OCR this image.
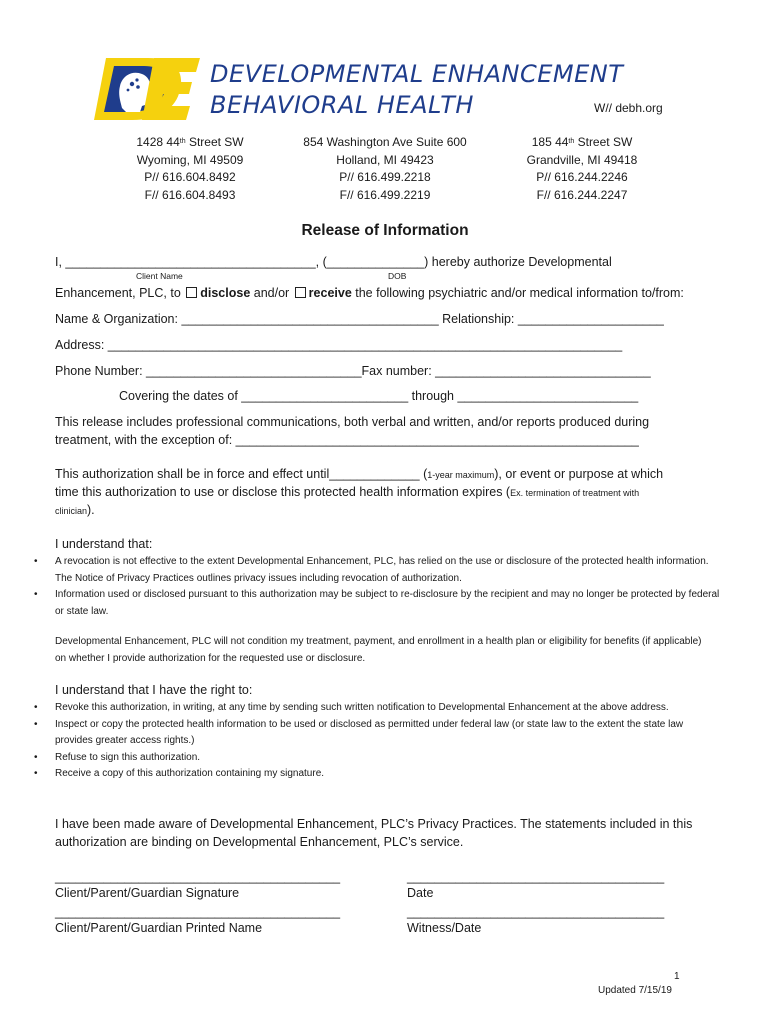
DEVELOPMENTAL ENHANCEMENT
BEHAVIORAL HEALTH	W// debh.org
1428 44th Street SW
Wyoming, MI 49509
P// 616.604.8492
F// 616.604.8493
854 Washington Ave Suite 600
Holland, MI 49423
P// 616.499.2218
F// 616.499.2219
185 44th Street SW
Grandville, MI 49418
P// 616.244.2246
F// 616.244.2247
Release of Information
I, ____________________________________, (______________) hereby authorize Developmental
Client Name	DOB
Enhancement, PLC, to disclose and/or receive the following psychiatric and/or medical information to/from:
Name & Organization: _____________________________________ Relationship: _____________________
Address: __________________________________________________________________________
Phone Number: _______________________________Fax number: _______________________________
Covering the dates of ________________________ through __________________________
This release includes professional communications, both verbal and written, and/or reports produced during
treatment, with the exception of: __________________________________________________________
This authorization shall be in force and effect until_____________ (1-year maximum), or event or purpose at which
time this authorization to use or disclose this protected health information expires (Ex. termination of treatment with
clinician).
I understand that:
• A revocation is not effective to the extent Developmental Enhancement, PLC, has relied on the use or disclosure of the protected health information. The Notice of Privacy Practices outlines privacy issues including revocation of authorization.
• Information used or disclosed pursuant to this authorization may be subject to re-disclosure by the recipient and may no longer be protected by federal or state law.
Developmental Enhancement, PLC will not condition my treatment, payment, and enrollment in a health plan or eligibility for benefits (if applicable) on whether I provide authorization for the requested use or disclosure.
I understand that I have the right to:
• Revoke this authorization, in writing, at any time by sending such written notification to Developmental Enhancement at the above address.
• Inspect or copy the protected health information to be used or disclosed as permitted under federal law (or state law to the extent the state law provides greater access rights.)
• Refuse to sign this authorization.
• Receive a copy of this authorization containing my signature.
I have been made aware of Developmental Enhancement, PLC’s Privacy Practices. The statements included in this authorization are binding on Developmental Enhancement, PLC’s service.
_________________________________________
Client/Parent/Guardian Signature
_____________________________________
Date
_________________________________________
Client/Parent/Guardian Printed Name
_____________________________________
Witness/Date
1
Updated 7/15/19
